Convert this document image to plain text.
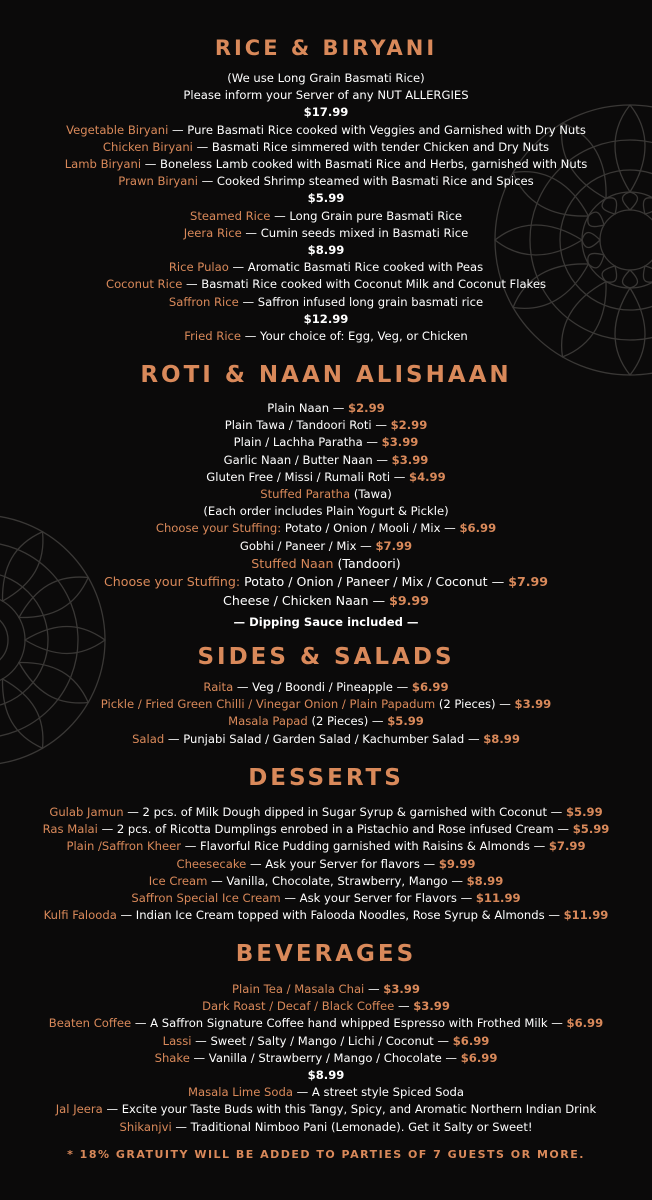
RICE & BIRYANI
(We use Long Grain Basmati Rice)
Please inform your Server of any NUT ALLERGIES
$17.99
Vegetable Biryani — Pure Basmati Rice cooked with Veggies and Garnished with Dry Nuts
Chicken Biryani — Basmati Rice simmered with tender Chicken and Dry Nuts
Lamb Biryani — Boneless Lamb cooked with Basmati Rice and Herbs, garnished with Nuts
Prawn Biryani — Cooked Shrimp steamed with Basmati Rice and Spices
$5.99
Steamed Rice — Long Grain pure Basmati Rice
Jeera Rice — Cumin seeds mixed in Basmati Rice
$8.99
Rice Pulao — Aromatic Basmati Rice cooked with Peas
Coconut Rice — Basmati Rice cooked with Coconut Milk and Coconut Flakes
Saffron Rice — Saffron infused long grain basmati rice
$12.99
Fried Rice — Your choice of: Egg, Veg, or Chicken
ROTI & NAAN ALISHAAN
Plain Naan — $2.99
Plain Tawa / Tandoori Roti — $2.99
Plain / Lachha Paratha — $3.99
Garlic Naan / Butter Naan — $3.99
Gluten Free / Missi / Rumali Roti — $4.99
Stuffed Paratha (Tawa)
(Each order includes Plain Yogurt & Pickle)
Choose your Stuffing: Potato / Onion / Mooli / Mix — $6.99
Gobhi / Paneer / Mix — $7.99
Stuffed Naan (Tandoori)
Choose your Stuffing: Potato / Onion / Paneer / Mix / Coconut — $7.99
Cheese / Chicken Naan — $9.99
— Dipping Sauce included —
SIDES & SALADS
Raita — Veg / Boondi / Pineapple — $6.99
Pickle / Fried Green Chilli / Vinegar Onion / Plain Papadum (2 Pieces) — $3.99
Masala Papad (2 Pieces) — $5.99
Salad — Punjabi Salad / Garden Salad / Kachumber Salad — $8.99
DESSERTS
Gulab Jamun — 2 pcs. of Milk Dough dipped in Sugar Syrup & garnished with Coconut — $5.99
Ras Malai — 2 pcs. of Ricotta Dumplings enrobed in a Pistachio and Rose infused Cream — $5.99
Plain /Saffron Kheer — Flavorful Rice Pudding garnished with Raisins & Almonds — $7.99
Cheesecake — Ask your Server for flavors — $9.99
Ice Cream — Vanilla, Chocolate, Strawberry, Mango — $8.99
Saffron Special Ice Cream — Ask your Server for Flavors — $11.99
Kulfi Falooda — Indian Ice Cream topped with Falooda Noodles, Rose Syrup & Almonds — $11.99
BEVERAGES
Plain Tea / Masala Chai — $3.99
Dark Roast / Decaf / Black Coffee — $3.99
Beaten Coffee — A Saffron Signature Coffee hand whipped Espresso with Frothed Milk — $6.99
Lassi — Sweet / Salty / Mango / Lichi / Coconut — $6.99
Shake — Vanilla / Strawberry / Mango / Chocolate — $6.99
$8.99
Masala Lime Soda — A street style Spiced Soda
Jal Jeera — Excite your Taste Buds with this Tangy, Spicy, and Aromatic Northern Indian Drink
Shikanjvi — Traditional Nimboo Pani (Lemonade). Get it Salty or Sweet!
* 18% GRATUITY WILL BE ADDED TO PARTIES OF 7 GUESTS OR MORE.
